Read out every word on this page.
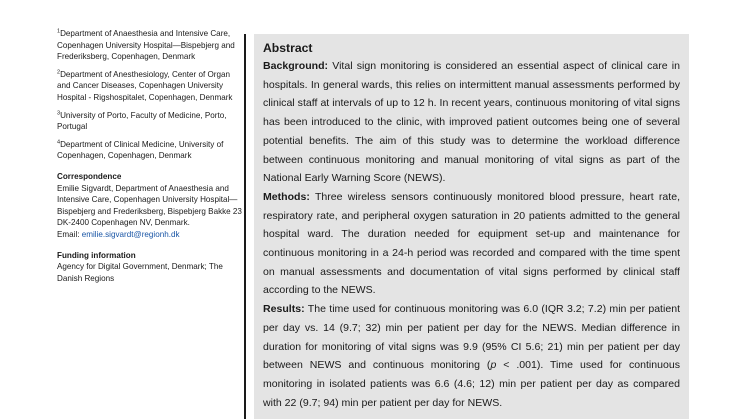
$^1$Department of Anaesthesia and Intensive Care, Copenhagen University Hospital—Bispebjerg and Frederiksberg, Copenhagen, Denmark
$^2$Department of Anesthesiology, Center of Organ and Cancer Diseases, Copenhagen University Hospital - Rigshospitalet, Copenhagen, Denmark
$^3$University of Porto, Faculty of Medicine, Porto, Portugal
$^4$Department of Clinical Medicine, University of Copenhagen, Copenhagen, Denmark
Correspondence
Emilie Sigvardt, Department of Anaesthesia and Intensive Care, Copenhagen University Hospital—Bispebjerg and Frederiksberg, Bispebjerg Bakke 23 DK-2400 Copenhagen NV, Denmark.
Email: emilie.sigvardt@regionh.dk
Funding information
Agency for Digital Government, Denmark; The Danish Regions
Abstract

Background: Vital sign monitoring is considered an essential aspect of clinical care in hospitals. In general wards, this relies on intermittent manual assessments performed by clinical staff at intervals of up to 12 h. In recent years, continuous monitoring of vital signs has been introduced to the clinic, with improved patient outcomes being one of several potential benefits. The aim of this study was to determine the workload difference between continuous monitoring and manual monitoring of vital signs as part of the National Early Warning Score (NEWS).

Methods: Three wireless sensors continuously monitored blood pressure, heart rate, respiratory rate, and peripheral oxygen saturation in 20 patients admitted to the general hospital ward. The duration needed for equipment set-up and maintenance for continuous monitoring in a 24-h period was recorded and compared with the time spent on manual assessments and documentation of vital signs performed by clinical staff according to the NEWS.

Results: The time used for continuous monitoring was 6.0 (IQR 3.2; 7.2) min per patient per day vs. 14 (9.7; 32) min per patient per day for the NEWS. Median difference in duration for monitoring of vital signs was 9.9 (95% CI 5.6; 21) min per patient per day between NEWS and continuous monitoring (p < .001). Time used for continuous monitoring in isolated patients was 6.6 (4.6; 12) min per patient per day as compared with 22 (9.7; 94) min per patient per day for NEWS.
